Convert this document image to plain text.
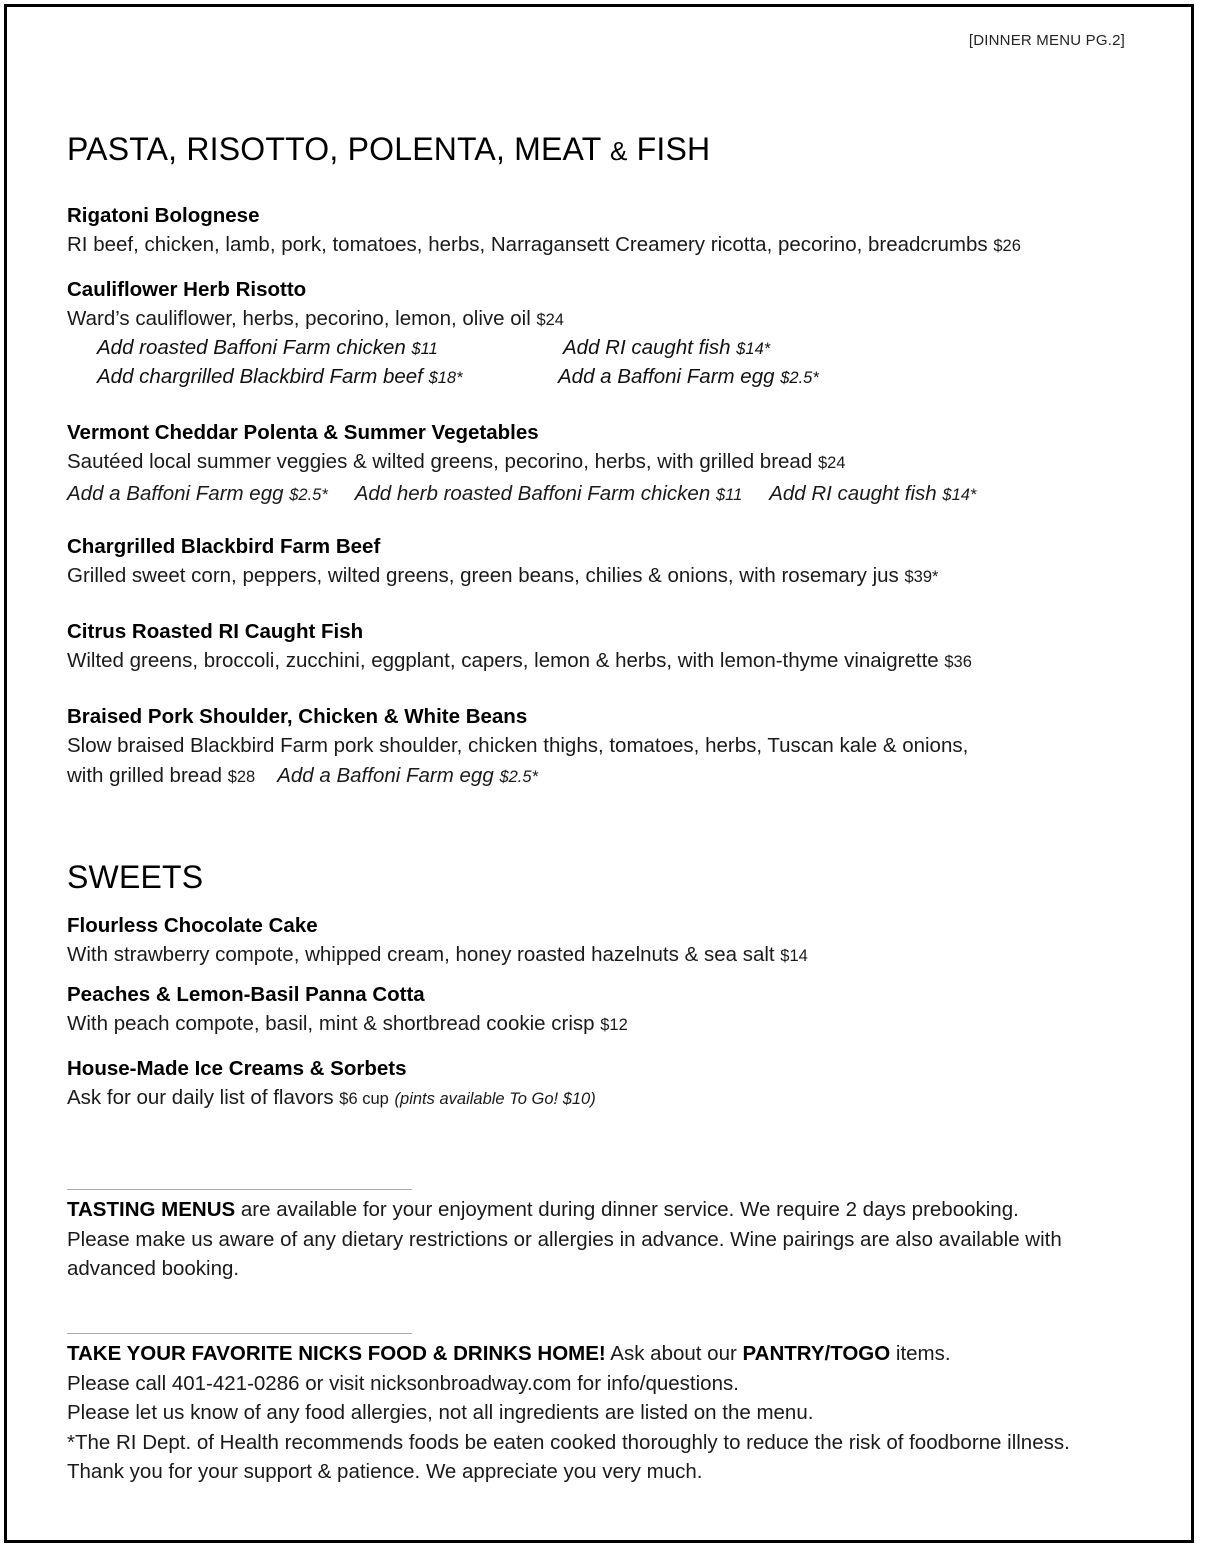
[DINNER MENU PG.2]
PASTA, RISOTTO, POLENTA, MEAT & FISH

Rigatoni Bolognese

RI beef, chicken, lamb, pork, tomatoes, herbs, Narragansett Creamery ricotta, pecorino, breadcrumbs $26

Cauliflower Herb Risotto

Ward’s cauliflower, herbs, pecorino, lemon, olive oil $24

Add roasted Baffoni Farm chicken $11	Add RI caught fish $14*
Add chargrilled Blackbird Farm beef $18*	Add a Baffoni Farm egg $2.5*

Vermont Cheddar Polenta & Summer Vegetables

Sautéed local summer veggies & wilted greens, pecorino, herbs, with grilled bread $24

Add a Baffoni Farm egg $2.5* Add herb roasted Baffoni Farm chicken $11 Add RI caught fish $14*

Chargrilled Blackbird Farm Beef

Grilled sweet corn, peppers, wilted greens, green beans, chilies & onions, with rosemary jus $39*

Citrus Roasted RI Caught Fish

Wilted greens, broccoli, zucchini, eggplant, capers, lemon & herbs, with lemon-thyme vinaigrette $36

Braised Pork Shoulder, Chicken & White Beans

Slow braised Blackbird Farm pork shoulder, chicken thighs, tomatoes, herbs, Tuscan kale & onions,

with grilled bread $28 Add a Baffoni Farm egg $2.5*

SWEETS

Flourless Chocolate Cake

With strawberry compote, whipped cream, honey roasted hazelnuts & sea salt $14

Peaches & Lemon-Basil Panna Cotta

With peach compote, basil, mint & shortbread cookie crisp $12

House-Made Ice Creams & Sorbets

Ask for our daily list of flavors $6 cup (pints available To Go! $10)

TASTING MENUS are available for your enjoyment during dinner service. We require 2 days prebooking.

Please make us aware of any dietary restrictions or allergies in advance. Wine pairings are also available with

advanced booking.

TAKE YOUR FAVORITE NICKS FOOD & DRINKS HOME! Ask about our PANTRY/TOGO items.

Please call 401-421-0286 or visit nicksonbroadway.com for info/questions.

Please let us know of any food allergies, not all ingredients are listed on the menu.

*The RI Dept. of Health recommends foods be eaten cooked thoroughly to reduce the risk of foodborne illness.

Thank you for your support & patience. We appreciate you very much.
